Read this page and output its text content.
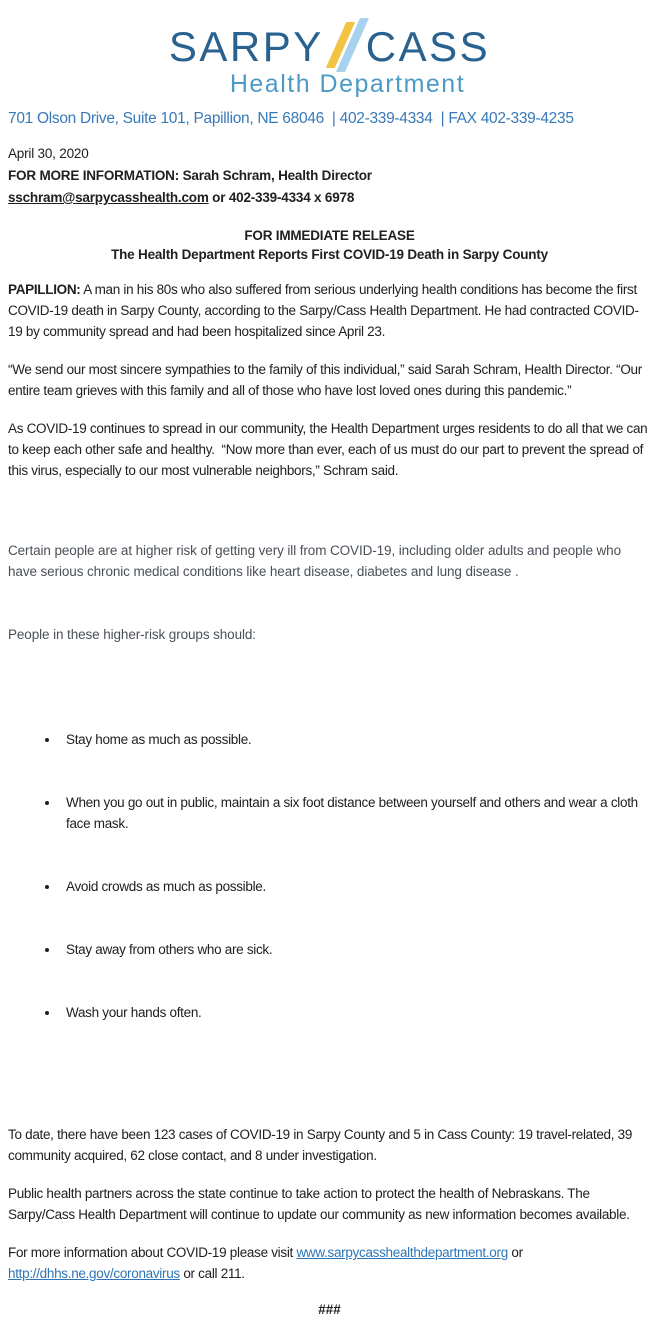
SARPY CASS
Health Department
701 Olson Drive, Suite 101, Papillion, NE 68046  | 402-339-4334  | FAX 402-339-4235
April 30, 2020
FOR MORE INFORMATION: Sarah Schram, Health Director
sschram@sarpycasshealth.com or 402-339-4334 x 6978
FOR IMMEDIATE RELEASE
The Health Department Reports First COVID-19 Death in Sarpy County

PAPILLION: A man in his 80s who also suffered from serious underlying health conditions has become the first COVID-19 death in Sarpy County, according to the Sarpy/Cass Health Department. He had contracted COVID-19 by community spread and had been hospitalized since April 23.

“We send our most sincere sympathies to the family of this individual,” said Sarah Schram, Health Director. “Our entire team grieves with this family and all of those who have lost loved ones during this pandemic.”

As COVID-19 continues to spread in our community, the Health Department urges residents to do all that we can to keep each other safe and healthy.  “Now more than ever, each of us must do our part to prevent the spread of this virus, especially to our most vulnerable neighbors,” Schram said.

Certain people are at higher risk of getting very ill from COVID-19, including older adults and people who have serious chronic medical conditions like heart disease, diabetes and lung disease .

People in these higher-risk groups should:

• Stay home as much as possible.

• When you go out in public, maintain a six foot distance between yourself and others and wear a cloth face mask.

• Avoid crowds as much as possible.

• Stay away from others who are sick.

• Wash your hands often.

To date, there have been 123 cases of COVID-19 in Sarpy County and 5 in Cass County: 19 travel-related, 39 community acquired, 62 close contact, and 8 under investigation.

Public health partners across the state continue to take action to protect the health of Nebraskans. The Sarpy/Cass Health Department will continue to update our community as new information becomes available.

For more information about COVID-19 please visit www.sarpycasshealthdepartment.org or http://dhhs.ne.gov/coronavirus or call 211.

###
